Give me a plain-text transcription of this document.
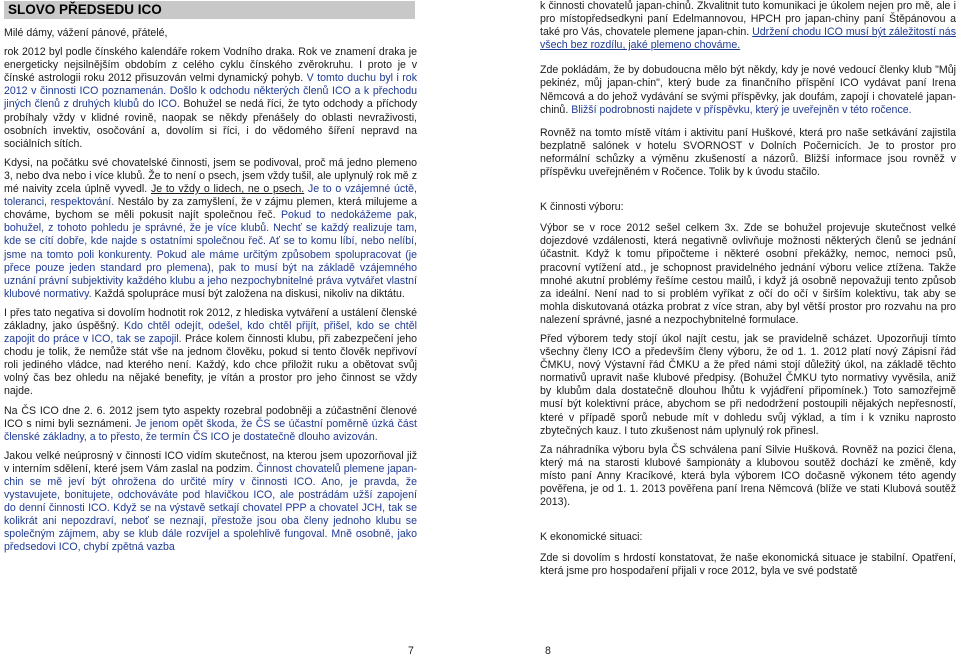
SLOVO PŘEDSEDU ICO

Milé dámy, vážení pánové, přátelé,

rok 2012 byl podle čínského kalendáře rokem Vodního draka. Rok ve znamení draka je energeticky nejsilnějším obdobím z celého cyklu čínského zvěrokruhu. I proto je v čínské astrologii roku 2012 přisuzován velmi dynamický pohyb. V tomto duchu byl i rok 2012 v činnosti ICO poznamenán. Došlo k odchodu některých členů ICO a k přechodu jiných členů z druhých klubů do ICO. Bohužel se nedá říci, že tyto odchody a příchody probíhaly vždy v klidné rovině, naopak se někdy přenášely do oblasti nevraživosti, osobních invektiv, osočování a, dovolím si říci, i do vědomého šíření nepravd na sociálních sítích.

Kdysi, na počátku své chovatelské činnosti, jsem se podivoval, proč má jedno plemeno 3, nebo dva nebo i více klubů. Že to není o psech, jsem vždy tušil, ale uplynulý rok mě z mé naivity zcela úplně vyvedl. Je to vždy o lidech, ne o psech. Je to o vzájemné úctě, toleranci, respektování. Nestálo by za zamyšlení, že v zájmu plemen, která milujeme a chováme, bychom se měli pokusit najít společnou řeč. Pokud to nedokážeme pak, bohužel, z tohoto pohledu je správné, že je více klubů. Nechť se každý realizuje tam, kde se cítí dobře, kde najde s ostatními společnou řeč. Ať se to komu líbí, nebo nelíbí, jsme na tomto poli konkurenty. Pokud ale máme určitým způsobem spolupracovat (je přece pouze jeden standard pro plemena), pak to musí být na základě vzájemného uznání právní subjektivity každého klubu a jeho nezpochybnitelné práva vytvářet vlastní klubové normativy. Každá spolupráce musí být založena na diskusi, nikoliv na diktátu.

I přes tato negativa si dovolím hodnotit rok 2012, z hlediska vytváření a ustálení členské základny, jako úspěšný. Kdo chtěl odejít, odešel, kdo chtěl přijít, přišel, kdo se chtěl zapojit do práce v ICO, tak se zapojil. Práce kolem činnosti klubu, při zabezpečení jeho chodu je tolik, že nemůže stát vše na jednom člověku, pokud si tento člověk nepřivoví roli jediného vládce, nad kterého není. Každý, kdo chce přiložit ruku a obětovat svůj volný čas bez ohledu na nějaké benefity, je vítán a prostor pro jeho činnost se vždy najde.

Na ČS ICO dne 2. 6. 2012 jsem tyto aspekty rozebral podobněji a zúčastnění členové ICO s nimi byli seznámeni. Je jenom opět škoda, že ČS se účastní poměrně úzká část členské základny, a to přesto, že termín ČS ICO je dostatečně dlouho avizován.

Jakou velké neúprosný v činnosti ICO vidím skutečnost, na kterou jsem upozorňoval již v interním sdělení, které jsem Vám zaslal na podzim. Činnost chovatelů plemene japan-chin se mě jeví být ohrožena do určité míry v činnosti ICO. Ano, je pravda, že vystavujete, bonitujete, odchováváte pod hlavičkou ICO, ale postrádám užší zapojení do denní činnosti ICO. Když se na výstavě setkají chovatel PPP a chovatel JCH, tak se kolikrát ani nepozdraví, neboť se neznají, přestože jsou oba členy jednoho klubu se společným zájmem, aby se klub dále rozvíjel a spolehlivě fungoval. Mně osobně, jako předsedovi ICO, chybí zpětná vazba

7

k činnosti chovatelů japan-chinů. Zkvalitnit tuto komunikaci je úkolem nejen pro mě, ale i pro místopředsedkyni paní Edelmannovou, HPCH pro japan-chiny paní Štěpánovou a také pro Vás, chovatele plemene japan-chin. Udržení chodu ICO musí být záležitostí nás všech bez rozdílu, jaké plemeno chováme.

Zde pokládám, že by dobudoucna mělo být někdy, kdy je nové vedoucí členky klub "Můj pekinéz, můj japan-chin", který bude za finančního příspění ICO vydávat paní Irena Němcová a do jehož vydávání se svými příspěvky, jak doufám, zapojí i chovatelé japan-chinů. Bližší podrobnosti najdete v příspěvku, který je uveřejněn v této ročence.

Rovněž na tomto místě vítám i aktivitu paní Huškové, která pro naše setkávání zajistila bezplatně salónek v hotelu SVORNOST v Dolních Počernicích. Je to prostor pro neformální schůzky a výměnu zkušeností a názorů. Bližší informace jsou rovněž v příspěvku uveřejněném v Ročence. Tolik by k úvodu stačilo.

K činnosti výboru:

Výbor se v roce 2012 sešel celkem 3x. Zde se bohužel projevuje skutečnost velké dojezdové vzdálenosti, která negativně ovlivňuje možnosti některých členů se jednání účastnit. Když k tomu připočteme i některé osobní překážky, nemoc, nemoci psů, pracovní vytížení atd., je schopnost pravidelného jednání výboru velice ztížena. Takže mnohé akutní problémy řešíme cestou mailů, i když já osobně nepovažuji tento způsob za ideální. Není nad to si problém vyříkat z očí do očí v širším kolektivu, tak aby se mohla diskutovaná otázka probrat z více stran, aby byl větší prostor pro rozvahu na pro nalezení správné, jasné a nezpochybnitelné formulace.

Před výborem tedy stojí úkol najít cestu, jak se pravidelně scházet. Upozorňuji tímto všechny členy ICO a především členy výboru, že od 1. 1. 2012 platí nový Zápisní řád ČMKU, nový Výstavní řád ČMKU a že před námi stojí důležitý úkol, na základě těchto normativů upravit naše klubové předpisy. (Bohužel ČMKU tyto normativy vyvěsila, aniž by klubům dala dostatečně dlouhou lhůtu k vyjádření připomínek.) Toto samozřejmě musí být kolektivní práce, abychom se při nedodržení postoupili nějakých nepřesností, které v případě sporů nebude mít v dohledu svůj výklad, a tím i k vzniku naprosto zbytečných kauz. I tuto zkušenost nám uplynulý rok přinesl.

Za náhradníka výboru byla ČS schválena paní Silvie Hušková. Rovněž na pozici člena, který má na starosti klubové šampionáty a klubovou soutěž dochází ke změně, kdy místo paní Anny Kracíkové, která byla výborem ICO dočasně výkonem této agendy pověřena, je od 1. 1. 2013 pověřena paní Irena Němcová (blíže ve stati Klubová soutěž 2013).

K ekonomické situaci:

Zde si dovolím s hrdostí konstatovat, že naše ekonomická situace je stabilní. Opatření, která jsme pro hospodaření přijali v roce 2012, byla ve své podstatě

8
